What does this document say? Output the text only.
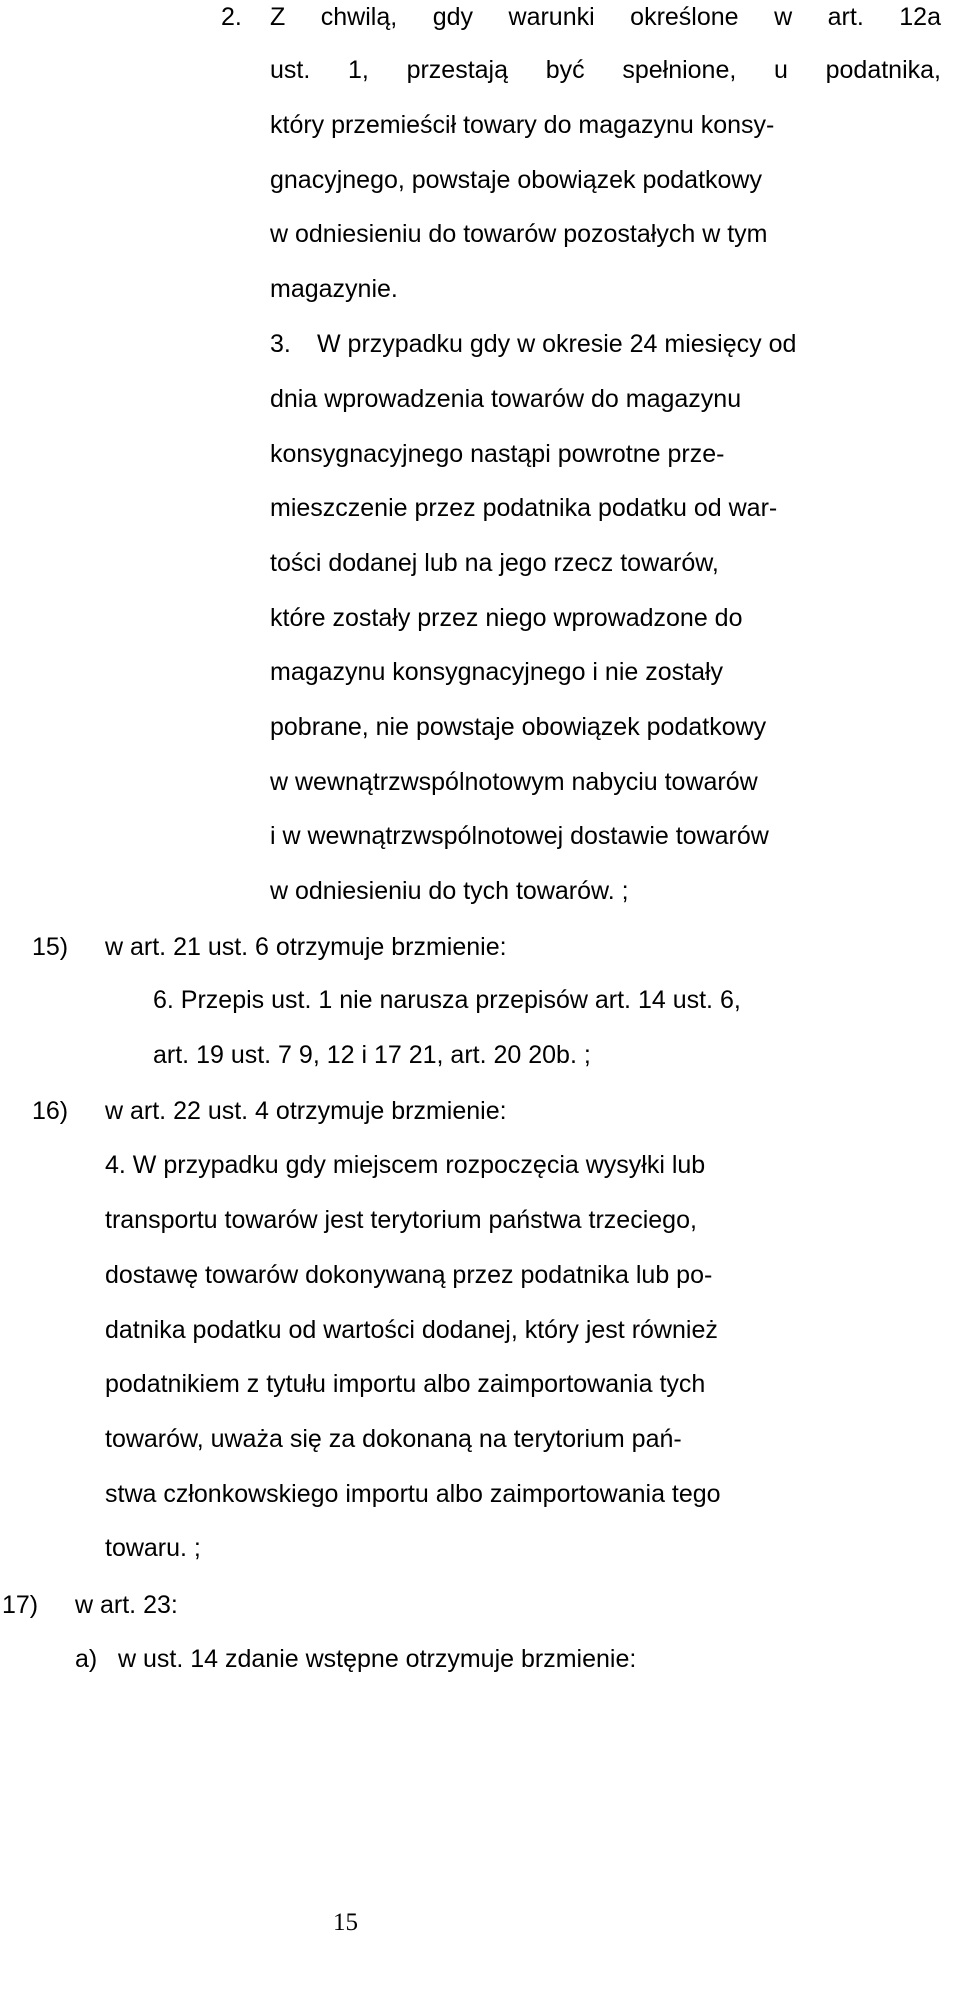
2. Z chwilą, gdy warunki określone w art. 12a
ust. 1, przestają być spełnione, u podatnika,
który przemieścił towary do magazynu konsy-
gnacyjnego, powstaje obowiązek podatkowy
w odniesieniu do towarów pozostałych w tym
magazynie.
3. W przypadku gdy w okresie 24 miesięcy od
dnia wprowadzenia towarów do magazynu
konsygnacyjnego nastąpi powrotne prze-
mieszczenie przez podatnika podatku od war-
tości dodanej lub na jego rzecz towarów,
które zostały przez niego wprowadzone do
magazynu konsygnacyjnego i nie zostały
pobrane, nie powstaje obowiązek podatkowy
w wewnątrzwspólnotowym nabyciu towarów
i w wewnątrzwspólnotowej dostawie towarów
w odniesieniu do tych towarów. ;
15) w art. 21 ust. 6 otrzymuje brzmienie:
6. Przepis ust. 1 nie narusza przepisów art. 14 ust. 6,
art. 19 ust. 7 9, 12 i 17 21, art. 20 20b. ;
16) w art. 22 ust. 4 otrzymuje brzmienie:
4. W przypadku gdy miejscem rozpoczęcia wysyłki lub
transportu towarów jest terytorium państwa trzeciego,
dostawę towarów dokonywaną przez podatnika lub po-
datnika podatku od wartości dodanej, który jest również
podatnikiem z tytułu importu albo zaimportowania tych
towarów, uważa się za dokonaną na terytorium pań-
stwa członkowskiego importu albo zaimportowania tego
towaru. ;
17) w art. 23:
a) w ust. 14 zdanie wstępne otrzymuje brzmienie:
15
